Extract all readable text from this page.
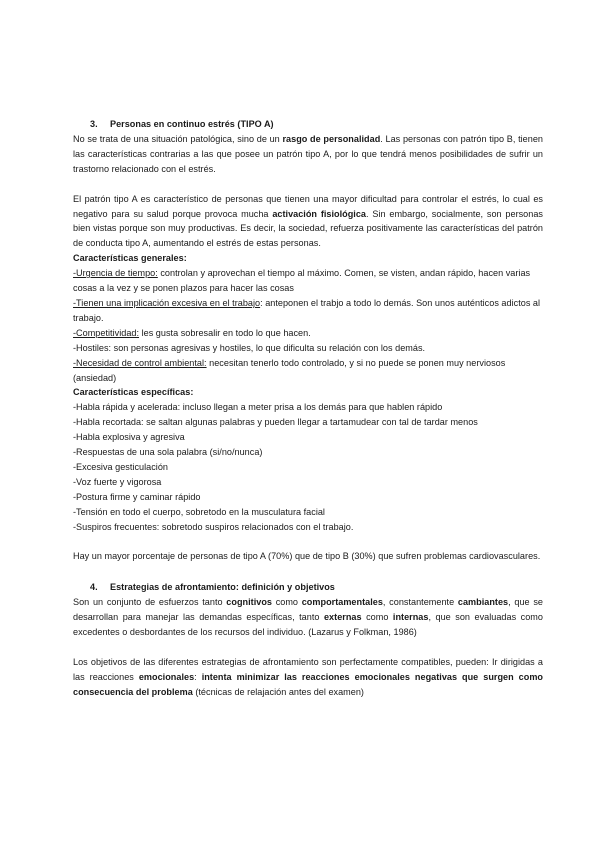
3. Personas en continuo estrés (TIPO A)

No se trata de una situación patológica, sino de un rasgo de personalidad. Las personas con patrón tipo B, tienen las características contrarias a las que posee un patrón tipo A, por lo que tendrá menos posibilidades de sufrir un trastorno relacionado con el estrés.

El patrón tipo A es característico de personas que tienen una mayor dificultad para controlar el estrés, lo cual es negativo para su salud porque provoca mucha activación fisiológica. Sin embargo, socialmente, son personas bien vistas porque son muy productivas. Es decir, la sociedad, refuerza positivamente las características del patrón de conducta tipo A, aumentando el estrés de estas personas.

Características generales:

-Urgencia de tiempo: controlan y aprovechan el tiempo al máximo. Comen, se visten, andan rápido, hacen varias cosas a la vez y se ponen plazos para hacer las cosas

-Tienen una implicación excesiva en el trabajo: anteponen el trabjo a todo lo demás. Son unos auténticos adictos al trabajo.

-Competitividad: les gusta sobresalir en todo lo que hacen.

-Hostiles: son personas agresivas y hostiles, lo que dificulta su relación con los demás.

-Necesidad de control ambiental: necesitan tenerlo todo controlado, y si no puede se ponen muy nerviosos (ansiedad)

Características específicas:

-Habla rápida y acelerada: incluso llegan a meter prisa a los demás para que hablen rápido

-Habla recortada: se saltan algunas palabras y pueden llegar a tartamudear con tal de tardar menos

-Habla explosiva y agresiva

-Respuestas de una sola palabra (si/no/nunca)

-Excesiva gesticulación

-Voz fuerte y vigorosa

-Postura firme y caminar rápido

-Tensión en todo el cuerpo, sobretodo en la musculatura facial

-Suspiros frecuentes: sobretodo suspiros relacionados con el trabajo.

Hay un mayor porcentaje de personas de tipo A (70%) que de tipo B (30%) que sufren problemas cardiovasculares.

4. Estrategias de afrontamiento: definición y objetivos

Son un conjunto de esfuerzos tanto cognitivos como comportamentales, constantemente cambiantes, que se desarrollan para manejar las demandas específicas, tanto externas como internas, que son evaluadas como excedentes o desbordantes de los recursos del individuo. (Lazarus y Folkman, 1986)

Los objetivos de las diferentes estrategias de afrontamiento son perfectamente compatibles, pueden: Ir dirigidas a las reacciones emocionales: intenta minimizar las reacciones emocionales negativas que surgen como consecuencia del problema (técnicas de relajación antes del examen)
